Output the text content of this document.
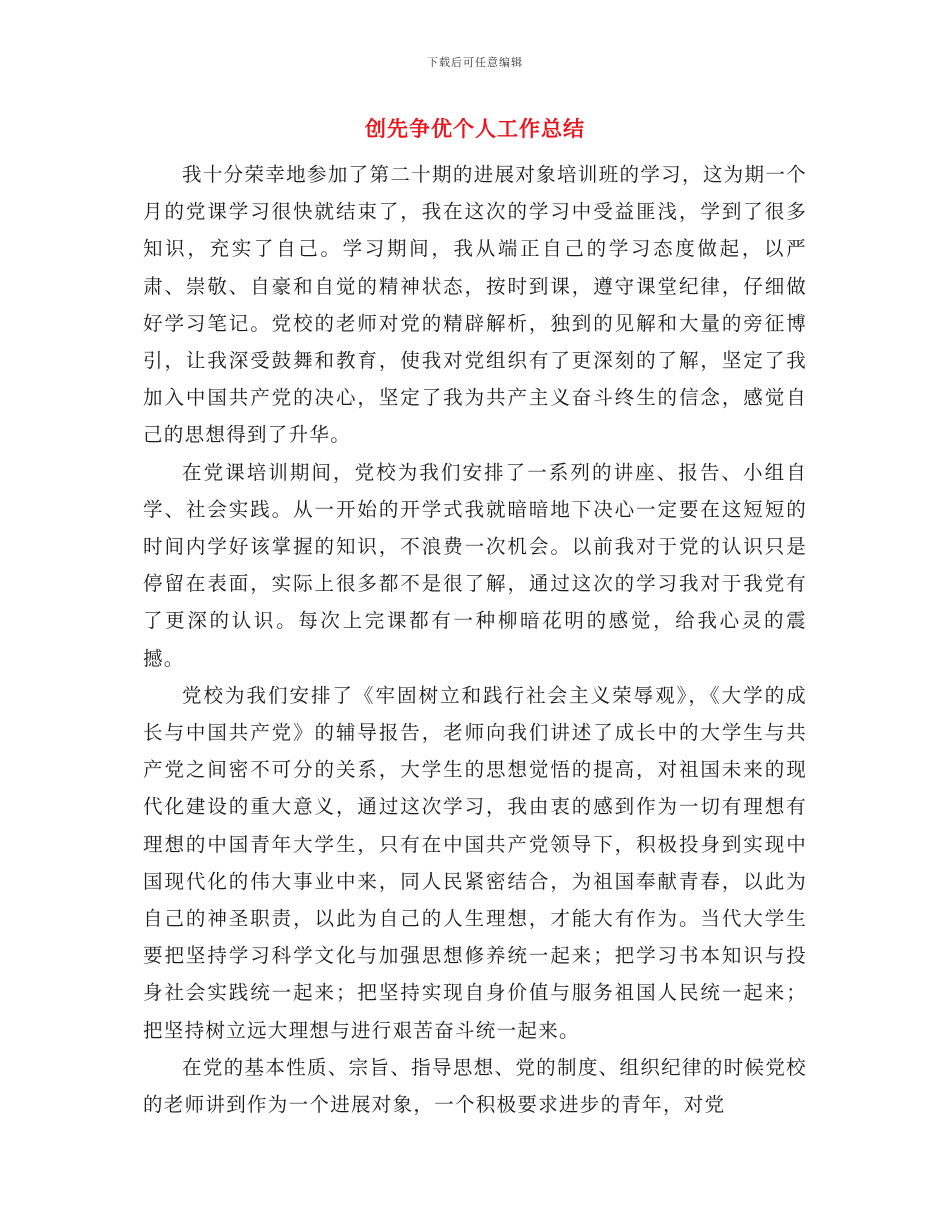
下载后可任意编辑
创先争优个人工作总结

我十分荣幸地参加了第二十期的进展对象培训班的学习，这为期一个月的党课学习很快就结束了，我在这次的学习中受益匪浅，学到了很多知识，充实了自己。学习期间，我从端正自己的学习态度做起，以严肃、崇敬、自豪和自觉的精神状态，按时到课，遵守课堂纪律，仔细做好学习笔记。党校的老师对党的精辟解析，独到的见解和大量的旁征博引，让我深受鼓舞和教育，使我对党组织有了更深刻的了解，坚定了我加入中国共产党的决心，坚定了我为共产主义奋斗终生的信念，感觉自己的思想得到了升华。

在党课培训期间，党校为我们安排了一系列的讲座、报告、小组自学、社会实践。从一开始的开学式我就暗暗地下决心一定要在这短短的时间内学好该掌握的知识，不浪费一次机会。以前我对于党的认识只是停留在表面，实际上很多都不是很了解，通过这次的学习我对于我党有了更深的认识。每次上完课都有一种柳暗花明的感觉，给我心灵的震撼。

党校为我们安排了《牢固树立和践行社会主义荣辱观》，《大学的成长与中国共产党》的辅导报告，老师向我们讲述了成长中的大学生与共产党之间密不可分的关系，大学生的思想觉悟的提高，对祖国未来的现代化建设的重大意义，通过这次学习，我由衷的感到作为一切有理想有理想的中国青年大学生，只有在中国共产党领导下，积极投身到实现中国现代化的伟大事业中来，同人民紧密结合，为祖国奉献青春，以此为自己的神圣职责，以此为自己的人生理想，才能大有作为。当代大学生要把坚持学习科学文化与加强思想修养统一起来；把学习书本知识与投身社会实践统一起来；把坚持实现自身价值与服务祖国人民统一起来；把坚持树立远大理想与进行艰苦奋斗统一起来。

在党的基本性质、宗旨、指导思想、党的制度、组织纪律的时候党校的老师讲到作为一个进展对象，一个积极要求进步的青年，对党
